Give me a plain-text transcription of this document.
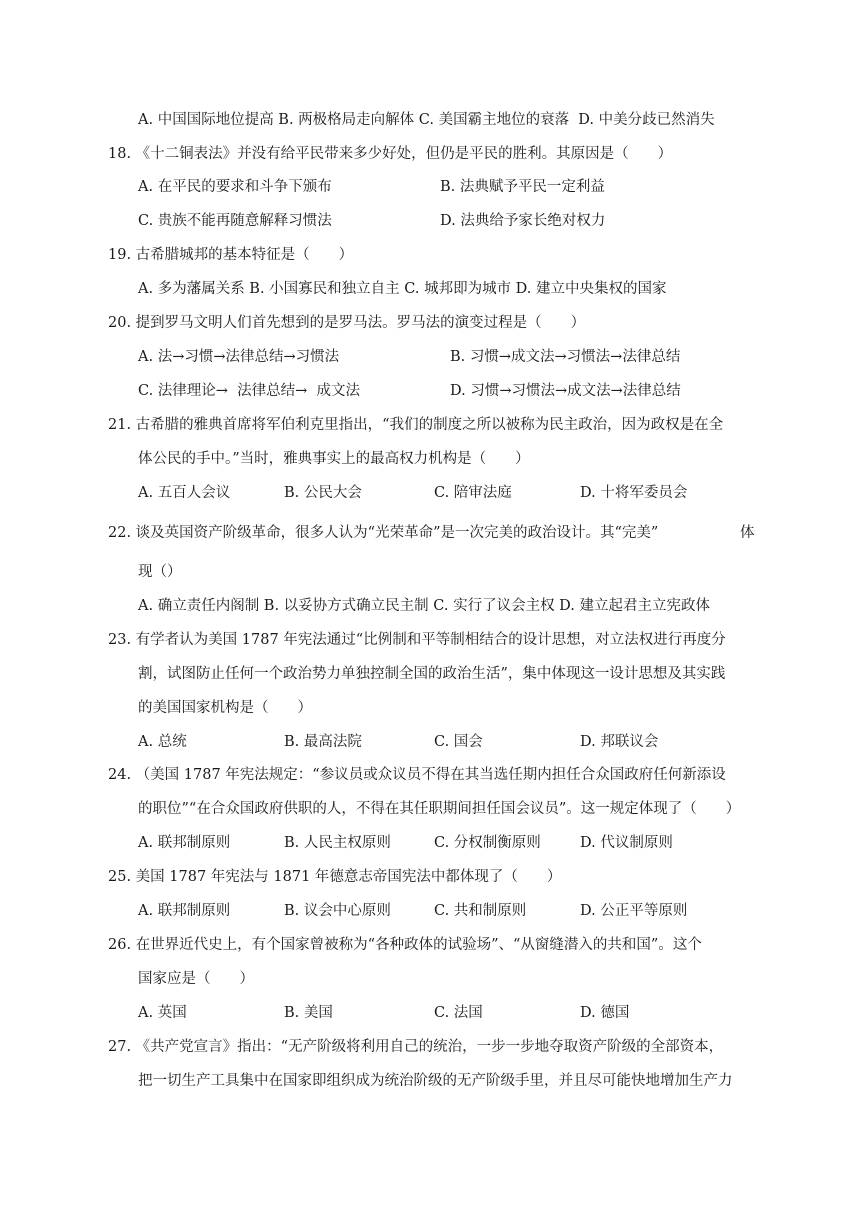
A. 中国国际地位提高 B. 两极格局走向解体 C. 美国霸主地位的衰落  D. 中美分歧已然消失
18. 《十二铜表法》并没有给平民带来多少好处，但仍是平民的胜利。其原因是（　　）
A. 在平民的要求和斗争下颁布	B. 法典赋予平民一定利益
C. 贵族不能再随意解释习惯法	D. 法典给予家长绝对权力
19. 古希腊城邦的基本特征是（　　）
A. 多为藩属关系 B. 小国寡民和独立自主 C. 城邦即为城市 D. 建立中央集权的国家
20. 提到罗马文明人们首先想到的是罗马法。罗马法的演变过程是（　　）
A. 法→习惯→法律总结→习惯法	B. 习惯→成文法→习惯法→法律总结
C. 法律理论→  法律总结→  成文法	D. 习惯→习惯法→成文法→法律总结
21. 古希腊的雅典首席将军伯利克里指出，“我们的制度之所以被称为民主政治，因为政权是在全
体公民的手中。”当时，雅典事实上的最高权力机构是（　　）
A. 五百人会议	B. 公民大会	C. 陪审法庭	D. 十将军委员会
22. 谈及英国资产阶级革命，很多人认为“光荣革命”是一次完美的政治设计。其“完美”	体
现（）
A. 确立责任内阁制 B. 以妥协方式确立民主制 C. 实行了议会主权 D. 建立起君主立宪政体
23. 有学者认为美国 1787 年宪法通过“比例制和平等制相结合的设计思想，对立法权进行再度分
割，试图防止任何一个政治势力单独控制全国的政治生活”，集中体现这一设计思想及其实践
的美国国家机构是（　　）
A. 总统	B. 最高法院	C. 国会	D. 邦联议会
24. （美国 1787 年宪法规定：“参议员或众议员不得在其当选任期内担任合众国政府任何新添设
的职位”“在合众国政府供职的人，不得在其任职期间担任国会议员”。这一规定体现了（　　）
A. 联邦制原则	B. 人民主权原则	C. 分权制衡原则	D. 代议制原则
25. 美国 1787 年宪法与 1871 年德意志帝国宪法中都体现了（　　）
A. 联邦制原则	B. 议会中心原则	C. 共和制原则	D. 公正平等原则
26. 在世界近代史上，有个国家曾被称为“各种政体的试验场”、“从窗缝潜入的共和国”。这个
国家应是（　　）
A. 英国	B. 美国	C. 法国	D. 德国
27. 《共产党宣言》指出：“无产阶级将利用自己的统治，一步一步地夺取资产阶级的全部资本，
把一切生产工具集中在国家即组织成为统治阶级的无产阶级手里，并且尽可能快地增加生产力
